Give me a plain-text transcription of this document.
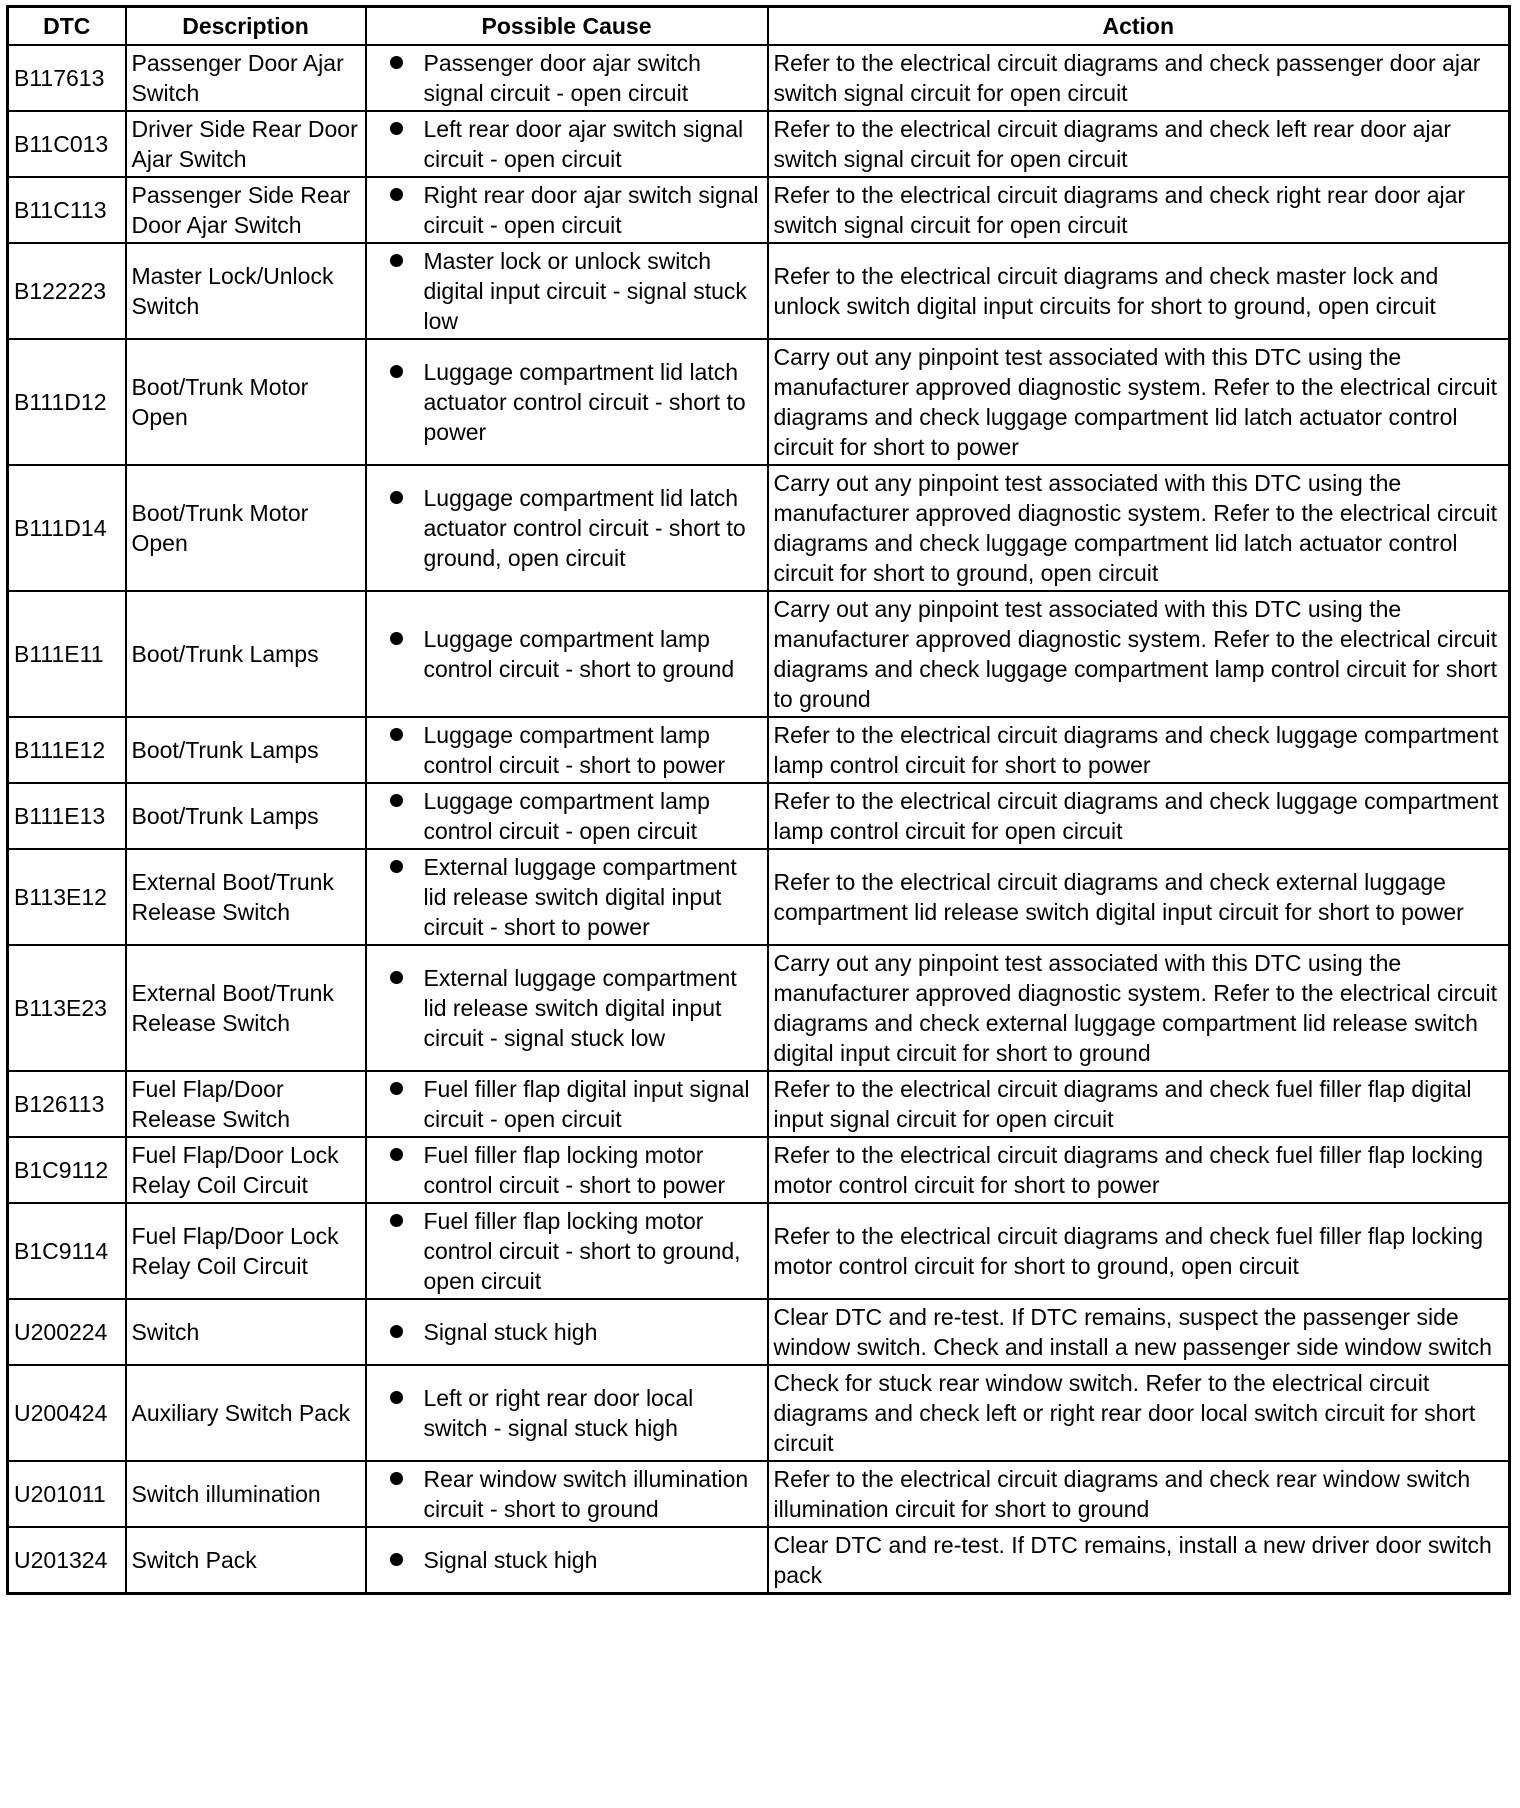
DTC	Description	Possible Cause	Action
B117613	Passenger Door Ajar Switch	Passenger door ajar switch signal circuit - open circuit	Refer to the electrical circuit diagrams and check passenger door ajar switch signal circuit for open circuit
B11C013	Driver Side Rear Door Ajar Switch	Left rear door ajar switch signal circuit - open circuit	Refer to the electrical circuit diagrams and check left rear door ajar switch signal circuit for open circuit
B11C113	Passenger Side Rear Door Ajar Switch	Right rear door ajar switch signal circuit - open circuit	Refer to the electrical circuit diagrams and check right rear door ajar switch signal circuit for open circuit
B122223	Master Lock/Unlock Switch	Master lock or unlock switch digital input circuit - signal stuck low	Refer to the electrical circuit diagrams and check master lock and unlock switch digital input circuits for short to ground, open circuit
B111D12	Boot/Trunk Motor Open	Luggage compartment lid latch actuator control circuit - short to power	Carry out any pinpoint test associated with this DTC using the manufacturer approved diagnostic system. Refer to the electrical circuit diagrams and check luggage compartment lid latch actuator control circuit for short to power
B111D14	Boot/Trunk Motor Open	Luggage compartment lid latch actuator control circuit - short to ground, open circuit	Carry out any pinpoint test associated with this DTC using the manufacturer approved diagnostic system. Refer to the electrical circuit diagrams and check luggage compartment lid latch actuator control circuit for short to ground, open circuit
B111E11	Boot/Trunk Lamps	Luggage compartment lamp control circuit - short to ground	Carry out any pinpoint test associated with this DTC using the manufacturer approved diagnostic system. Refer to the electrical circuit diagrams and check luggage compartment lamp control circuit for short to ground
B111E12	Boot/Trunk Lamps	Luggage compartment lamp control circuit - short to power	Refer to the electrical circuit diagrams and check luggage compartment lamp control circuit for short to power
B111E13	Boot/Trunk Lamps	Luggage compartment lamp control circuit - open circuit	Refer to the electrical circuit diagrams and check luggage compartment lamp control circuit for open circuit
B113E12	External Boot/Trunk Release Switch	External luggage compartment lid release switch digital input circuit - short to power	Refer to the electrical circuit diagrams and check external luggage compartment lid release switch digital input circuit for short to power
B113E23	External Boot/Trunk Release Switch	External luggage compartment lid release switch digital input circuit - signal stuck low	Carry out any pinpoint test associated with this DTC using the manufacturer approved diagnostic system. Refer to the electrical circuit diagrams and check external luggage compartment lid release switch digital input circuit for short to ground
B126113	Fuel Flap/Door Release Switch	Fuel filler flap digital input signal circuit - open circuit	Refer to the electrical circuit diagrams and check fuel filler flap digital input signal circuit for open circuit
B1C9112	Fuel Flap/Door Lock Relay Coil Circuit	Fuel filler flap locking motor control circuit - short to power	Refer to the electrical circuit diagrams and check fuel filler flap locking motor control circuit for short to power
B1C9114	Fuel Flap/Door Lock Relay Coil Circuit	Fuel filler flap locking motor control circuit - short to ground, open circuit	Refer to the electrical circuit diagrams and check fuel filler flap locking motor control circuit for short to ground, open circuit
U200224	Switch	Signal stuck high	Clear DTC and re-test. If DTC remains, suspect the passenger side window switch. Check and install a new passenger side window switch
U200424	Auxiliary Switch Pack	Left or right rear door local switch - signal stuck high	Check for stuck rear window switch. Refer to the electrical circuit diagrams and check left or right rear door local switch circuit for short circuit
U201011	Switch illumination	Rear window switch illumination circuit - short to ground	Refer to the electrical circuit diagrams and check rear window switch illumination circuit for short to ground
U201324	Switch Pack	Signal stuck high	Clear DTC and re-test. If DTC remains, install a new driver door switch pack
